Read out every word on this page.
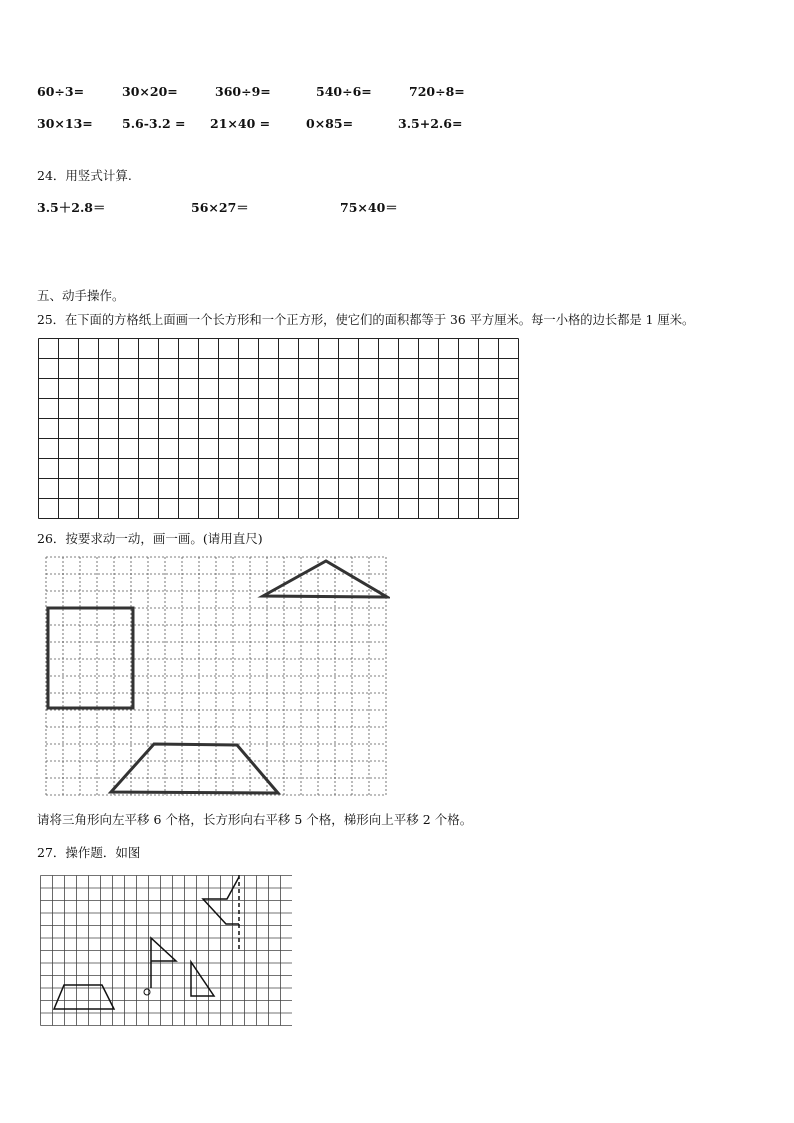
60÷3=	30×20=	360÷9=	540÷6=	720÷8=
30×13= 5.6-3.2 = 21×40 =	0×85=	3.5+2.6=
24．用竖式计算.
3.5＋2.8＝	56×27＝	75×40＝
五、动手操作。
25．在下面的方格纸上面画一个长方形和一个正方形，使它们的面积都等于 36 平方厘米。每一小格的边长都是 1 厘米。
26．按要求动一动，画一画。(请用直尺)
请将三角形向左平移 6 个格，长方形向右平移 5 个格，梯形向上平移 2 个格。
27．操作题．如图
